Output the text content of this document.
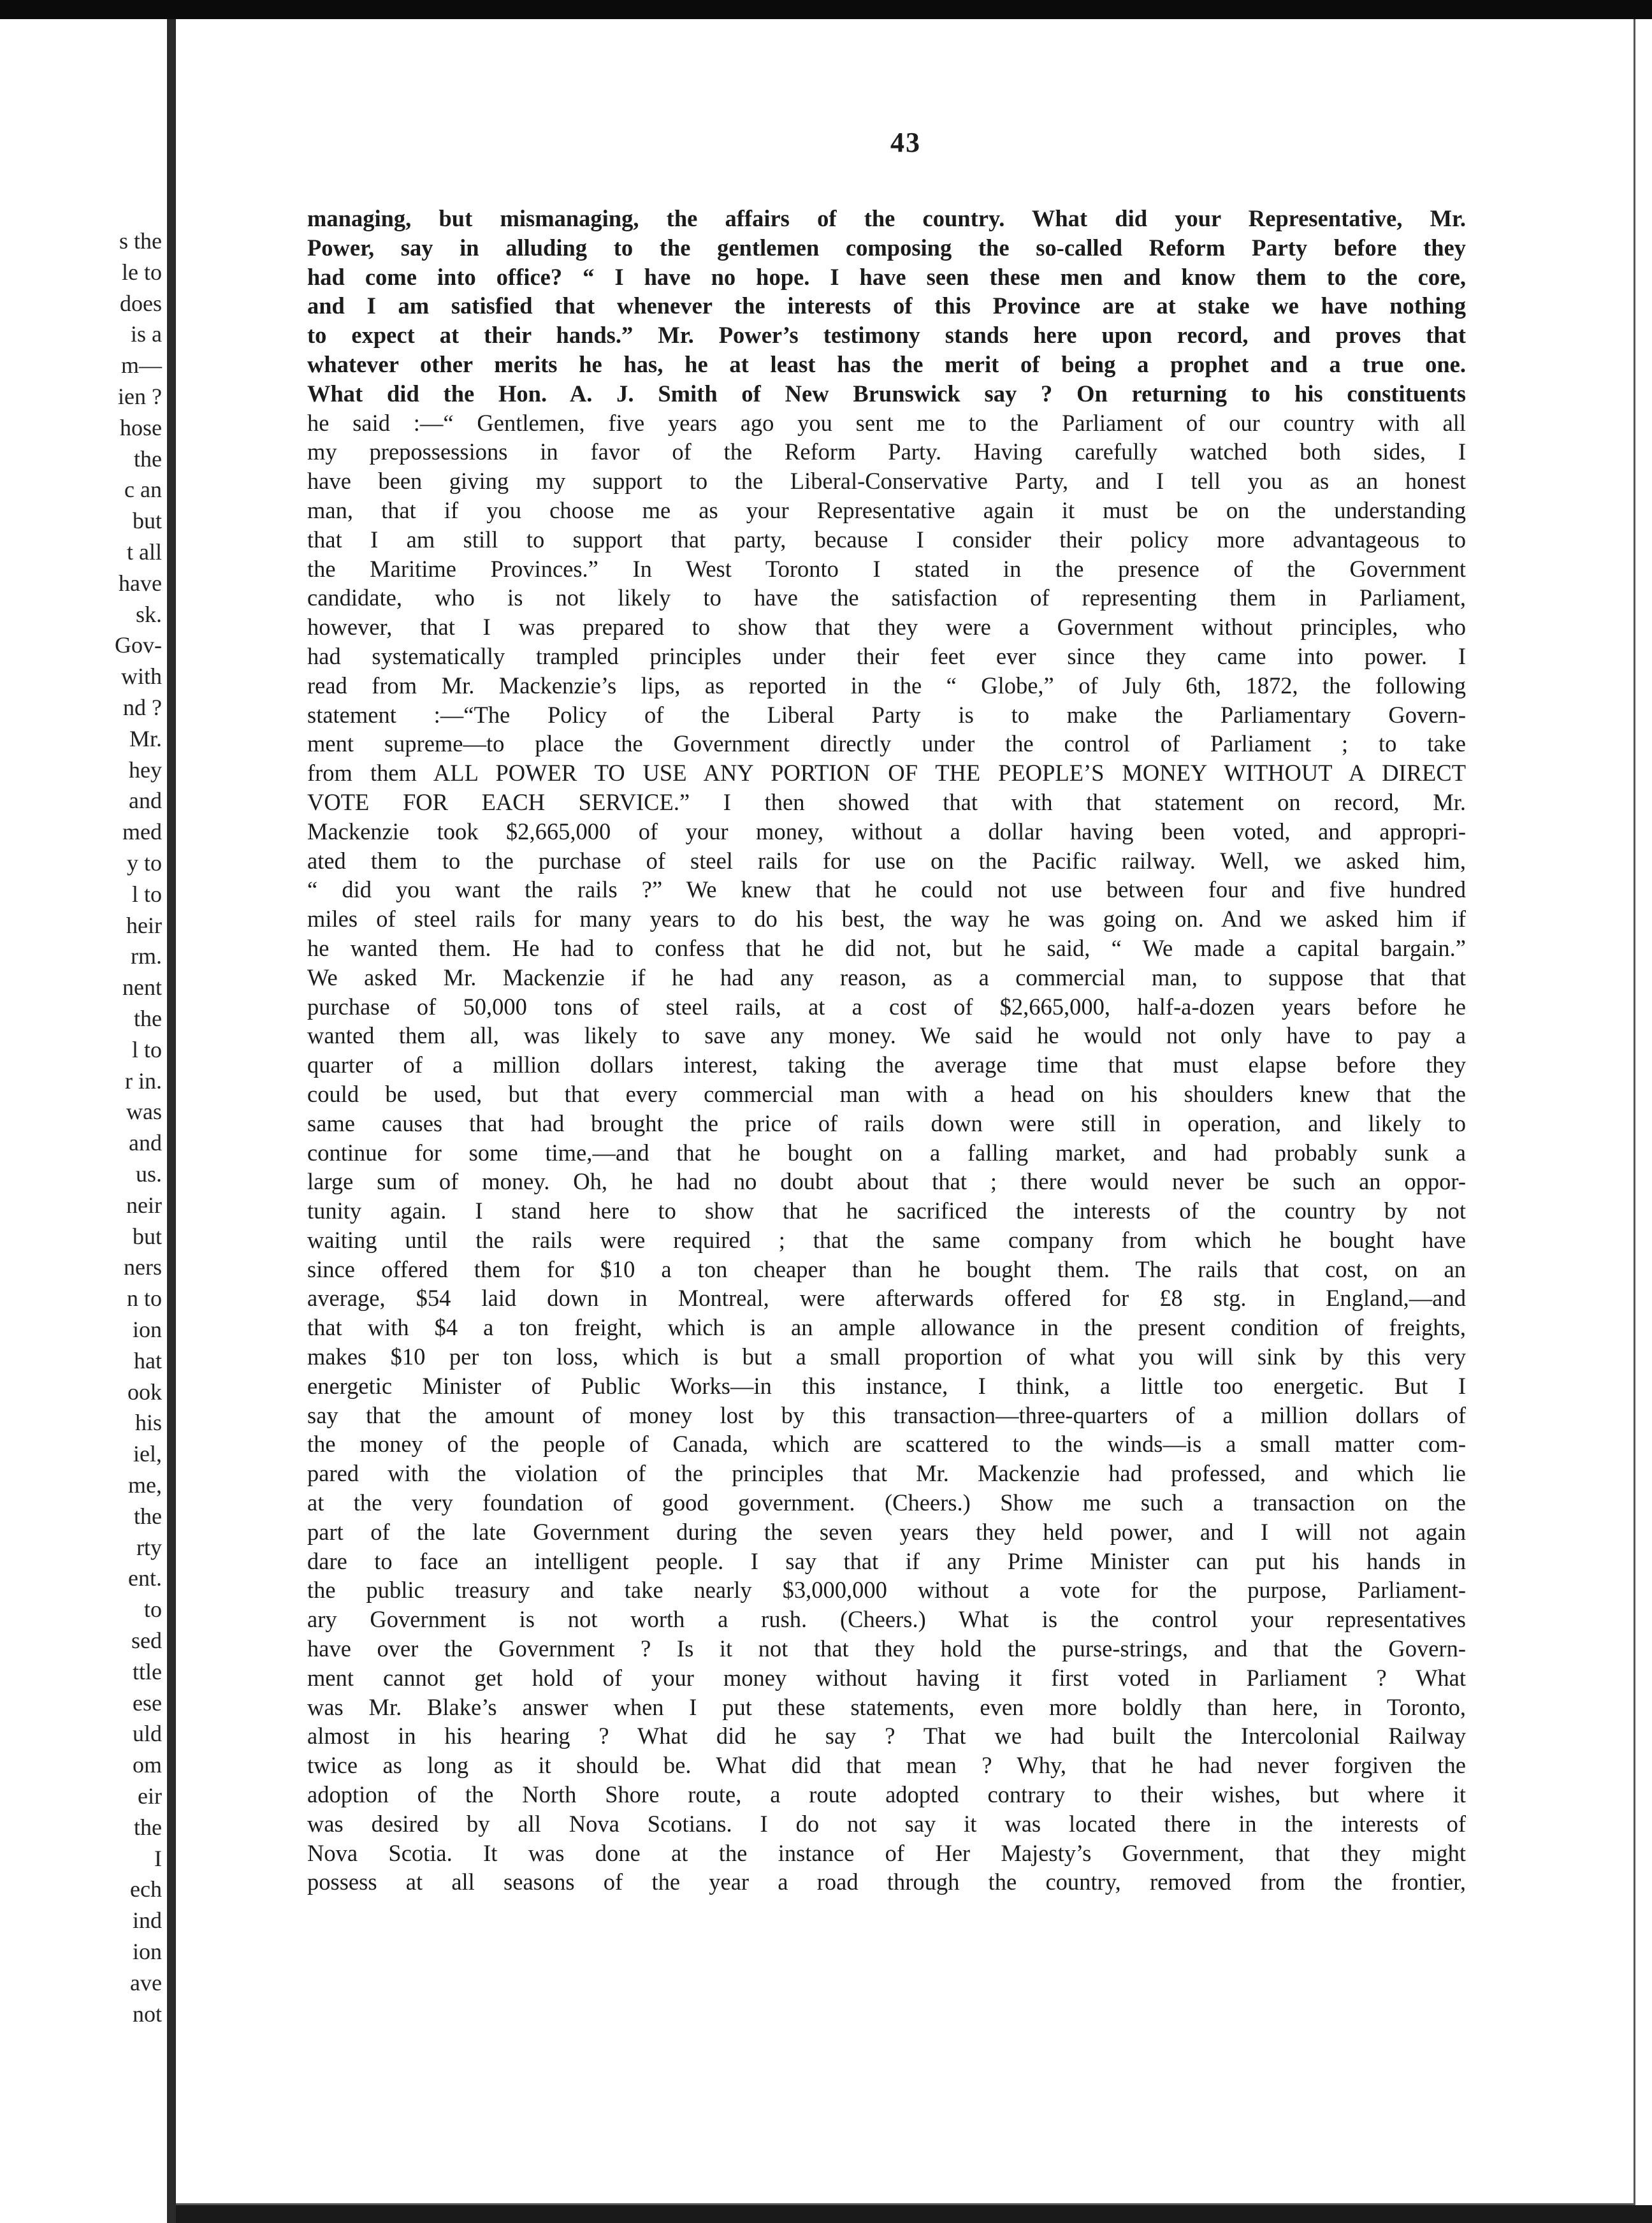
s the
le to
does
is a
m—
ien ?
hose
the
c an
but
t all
have
sk.
Gov-
with
nd ?
Mr.
hey
and
med
y to
l to
heir
rm.
nent
the
l to
r in.
was
and
us.
neir
but
ners
n to
ion
hat
ook
his
iel,
me,
the
rty
ent.
to
sed
ttle
ese
uld
om
eir
the
I
ech
ind
ion
ave
not
43
managing, but mismanaging, the affairs of the country. What did your Representative, Mr.
Power, say in alluding to the gentlemen composing the so-called Reform Party before they
had come into office? “ I have no hope. I have seen these men and know them to the core,
and I am satisfied that whenever the interests of this Province are at stake we have nothing
to expect at their hands.” Mr. Power’s testimony stands here upon record, and proves that
whatever other merits he has, he at least has the merit of being a prophet and a true one.
What did the Hon. A. J. Smith of New Brunswick say ? On returning to his constituents
he said :—“ Gentlemen, five years ago you sent me to the Parliament of our country with all
my prepossessions in favor of the Reform Party. Having carefully watched both sides, I
have been giving my support to the Liberal-Conservative Party, and I tell you as an honest
man, that if you choose me as your Representative again it must be on the understanding
that I am still to support that party, because I consider their policy more advantageous to
the Maritime Provinces.” In West Toronto I stated in the presence of the Government
candidate, who is not likely to have the satisfaction of representing them in Parliament,
however, that I was prepared to show that they were a Government without principles, who
had systematically trampled principles under their feet ever since they came into power. I
read from Mr. Mackenzie’s lips, as reported in the “ Globe,” of July 6th, 1872, the following
statement :—“The Policy of the Liberal Party is to make the Parliamentary Govern-
ment supreme—to place the Government directly under the control of Parliament ; to take
from them ALL POWER TO USE ANY PORTION OF THE PEOPLE’S MONEY WITHOUT A DIRECT
VOTE FOR EACH SERVICE.” I then showed that with that statement on record, Mr.
Mackenzie took $2,665,000 of your money, without a dollar having been voted, and appropri-
ated them to the purchase of steel rails for use on the Pacific railway. Well, we asked him,
“ did you want the rails ?” We knew that he could not use between four and five hundred
miles of steel rails for many years to do his best, the way he was going on. And we asked him if
he wanted them. He had to confess that he did not, but he said, “ We made a capital bargain.”
We asked Mr. Mackenzie if he had any reason, as a commercial man, to suppose that that
purchase of 50,000 tons of steel rails, at a cost of $2,665,000, half-a-dozen years before he
wanted them all, was likely to save any money. We said he would not only have to pay a
quarter of a million dollars interest, taking the average time that must elapse before they
could be used, but that every commercial man with a head on his shoulders knew that the
same causes that had brought the price of rails down were still in operation, and likely to
continue for some time,—and that he bought on a falling market, and had probably sunk a
large sum of money. Oh, he had no doubt about that ; there would never be such an oppor-
tunity again. I stand here to show that he sacrificed the interests of the country by not
waiting until the rails were required ; that the same company from which he bought have
since offered them for $10 a ton cheaper than he bought them. The rails that cost, on an
average, $54 laid down in Montreal, were afterwards offered for £8 stg. in England,—and
that with $4 a ton freight, which is an ample allowance in the present condition of freights,
makes $10 per ton loss, which is but a small proportion of what you will sink by this very
energetic Minister of Public Works—in this instance, I think, a little too energetic. But I
say that the amount of money lost by this transaction—three-quarters of a million dollars of
the money of the people of Canada, which are scattered to the winds—is a small matter com-
pared with the violation of the principles that Mr. Mackenzie had professed, and which lie
at the very foundation of good government. (Cheers.) Show me such a transaction on the
part of the late Government during the seven years they held power, and I will not again
dare to face an intelligent people. I say that if any Prime Minister can put his hands in
the public treasury and take nearly $3,000,000 without a vote for the purpose, Parliament-
ary Government is not worth a rush. (Cheers.) What is the control your representatives
have over the Government ? Is it not that they hold the purse-strings, and that the Govern-
ment cannot get hold of your money without having it first voted in Parliament ? What
was Mr. Blake’s answer when I put these statements, even more boldly than here, in Toronto,
almost in his hearing ? What did he say ? That we had built the Intercolonial Railway
twice as long as it should be. What did that mean ? Why, that he had never forgiven the
adoption of the North Shore route, a route adopted contrary to their wishes, but where it
was desired by all Nova Scotians. I do not say it was located there in the interests of
Nova Scotia. It was done at the instance of Her Majesty’s Government, that they might
possess at all seasons of the year a road through the country, removed from the frontier,
